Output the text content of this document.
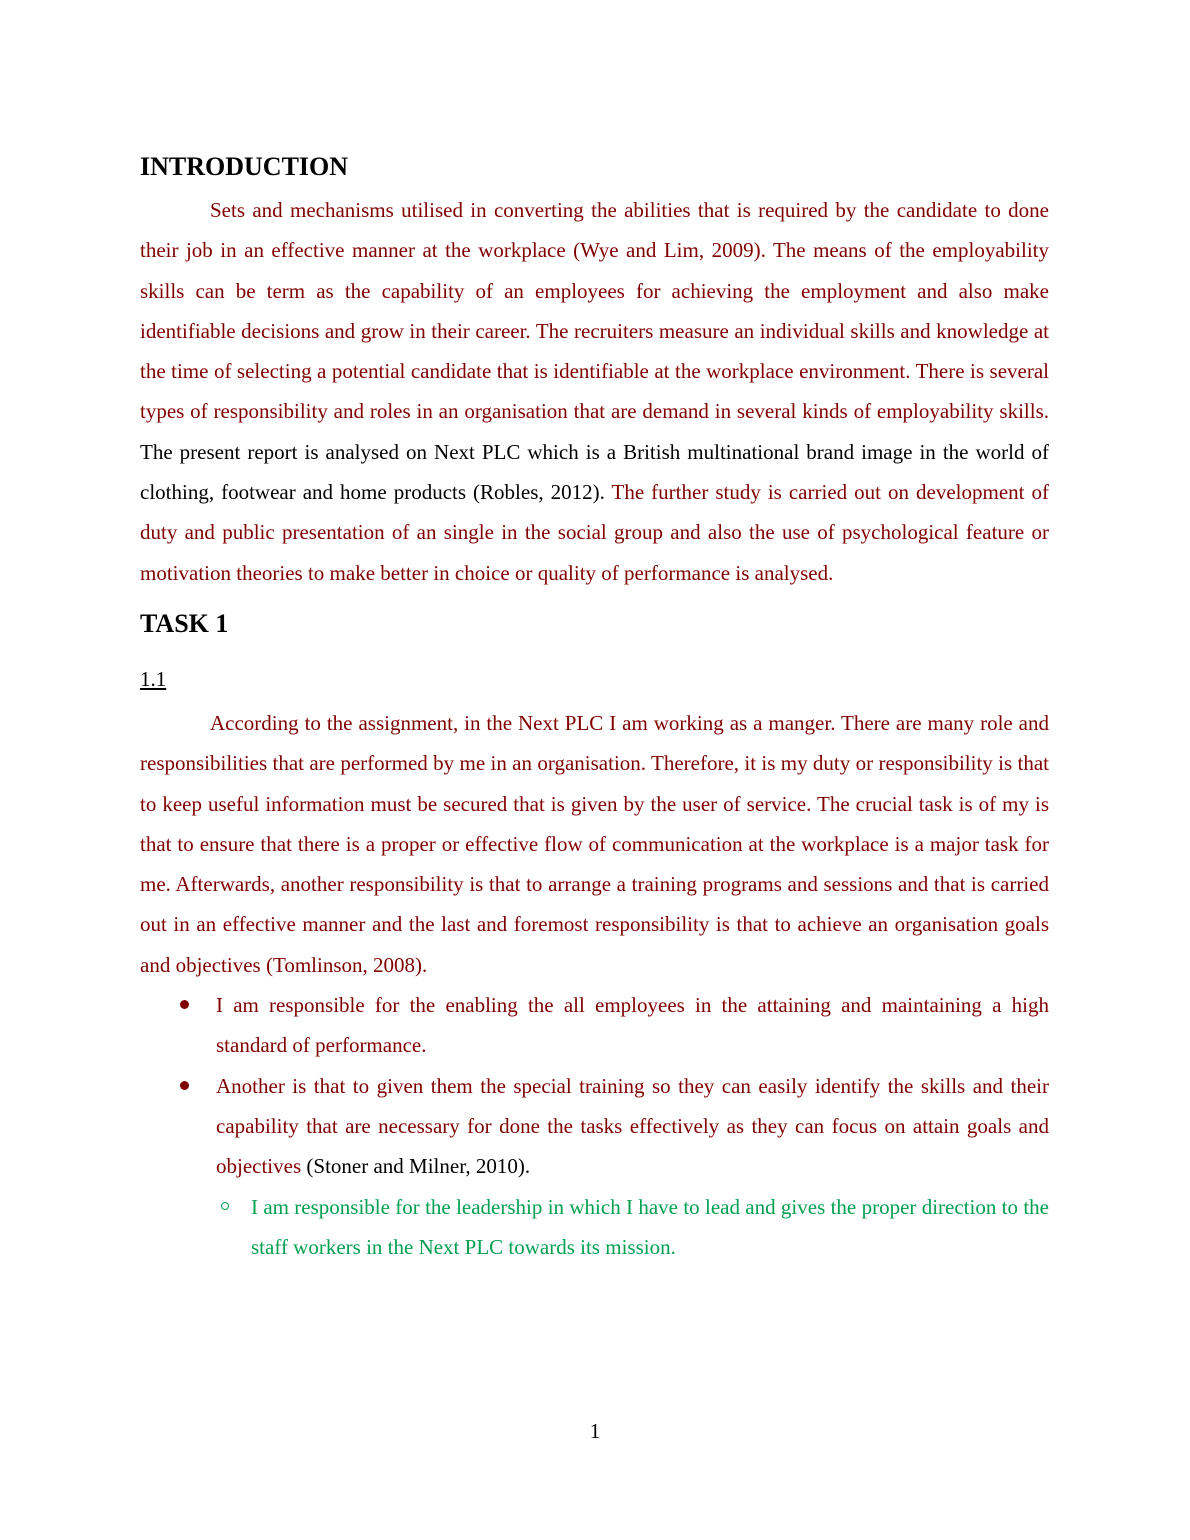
INTRODUCTION

Sets and mechanisms utilised in converting the abilities that is required by the candidate to done their job in an effective manner at the workplace (Wye and Lim, 2009). The means of the employability skills can be term as the capability of an employees for achieving the employment and also make identifiable decisions and grow in their career. The recruiters measure an individual skills and knowledge at the time of selecting a potential candidate that is identifiable at the workplace environment. There is several types of responsibility and roles in an organisation that are demand in several kinds of employability skills. The present report is analysed on Next PLC which is a British multinational brand image in the world of clothing, footwear and home products (Robles, 2012). The further study is carried out on development of duty and public presentation of an single in the social group and also the use of psychological feature or motivation theories to make better in choice or quality of performance is analysed.

TASK 1
1.1

According to the assignment, in the Next PLC I am working as a manger. There are many role and responsibilities that are performed by me in an organisation. Therefore, it is my duty or responsibility is that to keep useful information must be secured that is given by the user of service. The crucial task is of my is that to ensure that there is a proper or effective flow of communication at the workplace is a major task for me. Afterwards, another responsibility is that to arrange a training programs and sessions and that is carried out in an effective manner and the last and foremost responsibility is that to achieve an organisation goals and objectives (Tomlinson, 2008).

I am responsible for the enabling the all employees in the attaining and maintaining a high standard of performance.
Another is that to given them the special training so they can easily identify the skills and their capability that are necessary for done the tasks effectively as they can focus on attain goals and objectives (Stoner and Milner, 2010).
I am responsible for the leadership in which I have to lead and gives the proper direction to the staff workers in the Next PLC towards its mission.
1
